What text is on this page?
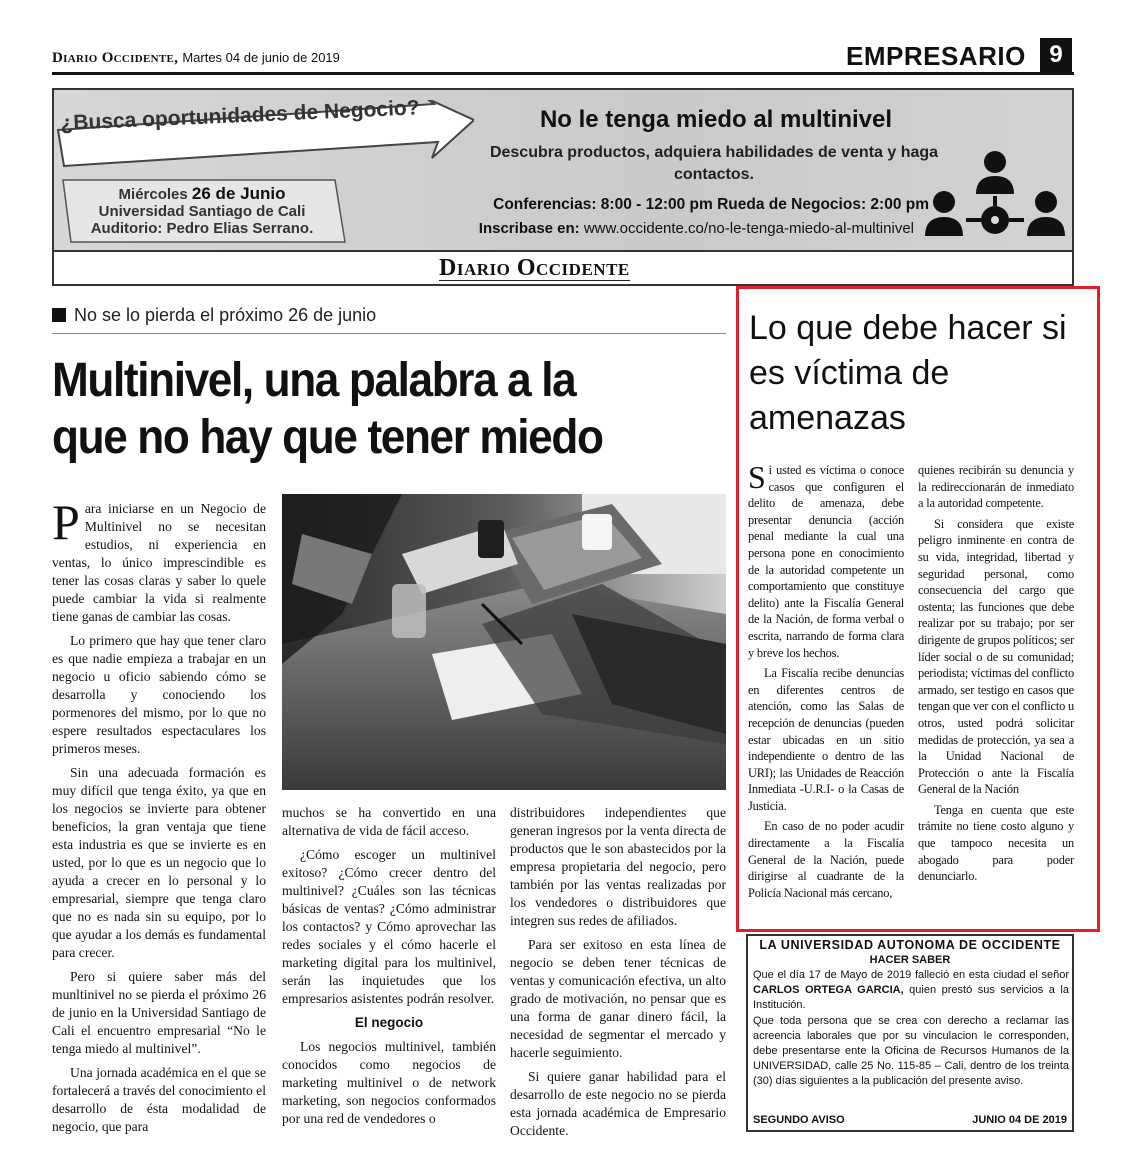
Diario Occidente, Martes 04 de junio de 2019	EMPRESARIO 9
¿Busca oportunidades de Negocio?
Miércoles 26 de Junio
Universidad Santiago de Cali
Auditorio: Pedro Elias Serrano.
No le tenga miedo al multinivel
Descubra productos, adquiera habilidades de venta y haga contactos.
Conferencias: 8:00 - 12:00 pm Rueda de Negocios: 2:00 pm
Inscribase en: www.occidente.co/no-le-tenga-miedo-al-multinivel
Diario Occidente
No se lo pierda el próximo 26 de junio
Multinivel, una palabra a la
que no hay que tener miedo

Para iniciarse en un Negocio de Multinivel no se necesitan estudios, ni experiencia en ventas, lo único imprescindible es tener las cosas claras y saber lo quele puede cambiar la vida si realmente tiene ganas de cambiar las cosas.

Lo primero que hay que tener claro es que nadie empieza a trabajar en un negocio u oficio sabiendo cómo se desarrolla y conociendo los pormenores del mismo, por lo que no espere resultados espectaculares los primeros meses.

Sin una adecuada formación es muy difícil que tenga éxito, ya que en los negocios se invierte para obtener beneficios, la gran ventaja que tiene esta industria es que se invierte es en usted, por lo que es un negocio que lo ayuda a crecer en lo personal y lo empresarial, siempre que tenga claro que no es nada sin su equipo, por lo que ayudar a los demás es fundamental para crecer.

Pero si quiere saber más del munltinivel no se pierda el próximo 26 de junio en la Universidad Santiago de Cali el encuentro empresarial “No le tenga miedo al multinivel”.

Una jornada académica en el que se fortalecerá a través del conocimiento el desarrollo de ésta modalidad de negocio, que para

muchos se ha convertido en una alternativa de vida de fácil acceso.

¿Cómo escoger un multinivel exitoso? ¿Cómo crecer dentro del multinivel? ¿Cuáles son las técnicas básicas de ventas? ¿Cómo administrar los contactos? y Cómo aprovechar las redes sociales y el cómo hacerle el marketing digital para los multinivel, serán las inquietudes que los empresarios asistentes podrán resolver.

El negocio

Los negocios multinivel, también conocidos como negocios de marketing multinivel o de network marketing, son negocios conformados por una red de vendedores o

distribuidores independientes que generan ingresos por la venta directa de productos que le son abastecidos por la empresa propietaria del negocio, pero también por las ventas realizadas por los vendedores o distribuidores que integren sus redes de afiliados.

Para ser exitoso en esta línea de negocio se deben tener técnicas de ventas y comunicación efectiva, un alto grado de motivación, no pensar que es una forma de ganar dinero fácil, la necesidad de segmentar el mercado y hacerle seguimiento.

Si quiere ganar habilidad para el desarrollo de este negocio no se pierda esta jornada académica de Empresario Occidente.

Lo que debe hacer si es víctima de amenazas

Si usted es víctima o conoce casos que configuren el delito de amenaza, debe presentar denuncia (acción penal mediante la cual una persona pone en conocimiento de la autoridad competente un comportamiento que constituye delito) ante la Fiscalía General de la Nación, de forma verbal o escrita, narrando de forma clara y breve los hechos.

La Fiscalía recibe denuncias en diferentes centros de atención, como las Salas de recepción de denuncias (pueden estar ubicadas en un sitio independiente o dentro de las URI); las Unidades de Reacción Inmediata -U.R.I- o la Casas de Justicia.

En caso de no poder acudir directamente a la Fiscalía General de la Nación, puede dirigirse al cuadrante de la Policía Nacional más cercano,

quienes recibirán su denuncia y la redireccionarán de inmediato a la autoridad competente.

Si considera que existe peligro inminente en contra de su vida, integridad, libertad y seguridad personal, como consecuencia del cargo que ostenta; las funciones que debe realizar por su trabajo; por ser dirigente de grupos políticos; ser líder social o de su comunidad; periodista; víctimas del conflicto armado, ser testigo en casos que tengan que ver con el conflicto u otros, usted podrá solicitar medidas de protección, ya sea a la Unidad Nacional de Protección o ante la Fiscalía General de la Nación

Tenga en cuenta que este trámite no tiene costo alguno y que tampoco necesita un abogado para poder denunciarlo.

LA UNIVERSIDAD AUTONOMA DE OCCIDENTE
HACER SABER

Que el día 17 de Mayo de 2019 falleció en esta ciudad el señor CARLOS ORTEGA GARCIA, quien prestó sus servicios a la Institución.

Que toda persona que se crea con derecho a reclamar las acreencia laborales que por su vinculacion le corresponden, debe presentarse ente la Oficina de Recursos Humanos de la UNIVERSIDAD, calle 25 No. 115-85 – Cali, dentro de los treinta (30) días siguientes a la publicación del presente aviso.

SEGUNDO AVISO	JUNIO 04 DE 2019
